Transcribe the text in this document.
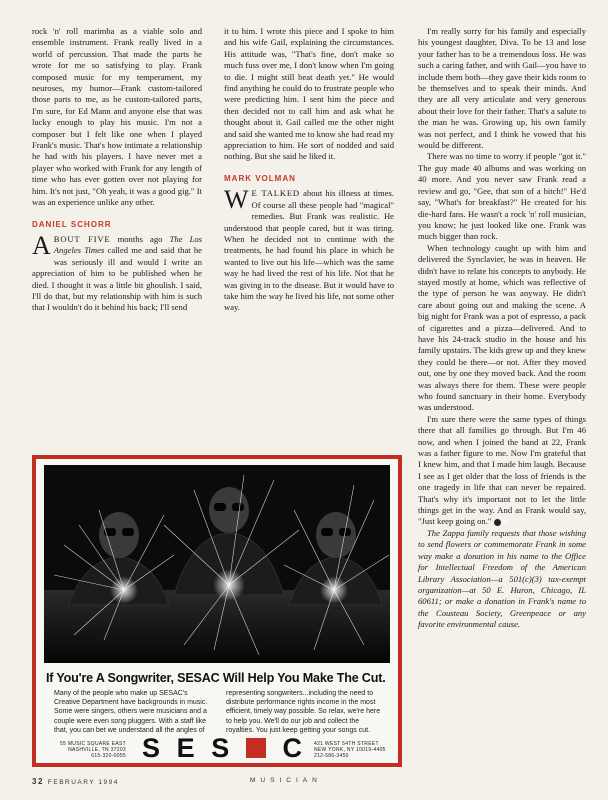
rock 'n' roll marimba as a viable solo and ensemble instrument. Frank really lived in a world of percussion. That made the parts he wrote for me so satisfying to play. Frank composed music for my temperament, my neuroses, my humor—Frank custom-tailored those parts to me, as he custom-tailored parts, I'm sure, for Ed Mann and anyone else that was lucky enough to play his music. I'm not a composer but I felt like one when I played Frank's music. That's how intimate a relationship he had with his players. I have never met a player who worked with Frank for any length of time who has ever gotten over not playing for him. It's not just, "Oh yeah, it was a good gig." It was an experience unlike any other.

DANIEL SCHORR

ABOUT FIVE months ago The Los Angeles Times called me and said that he was seriously ill and would I write an appreciation of him to be published when he died. I thought it was a little bit ghoulish. I said, I'll do that, but my relationship with him is such that I wouldn't do it behind his back; I'll send

it to him. I wrote this piece and I spoke to him and his wife Gail, explaining the circumstances. His attitude was, "That's fine, don't make so much fuss over me, I don't know when I'm going to die. I might still beat death yet." He would find anything he could do to frustrate people who were predicting him. I sent him the piece and then decided not to call him and ask what he thought about it. Gail called me the other night and said she wanted me to know she had read my appreciation to him. He sort of nodded and said nothing. But she said he liked it.

MARK VOLMAN

W E TALKED about his illness at times. Of course all these people had "magical" remedies. But Frank was realistic. He understood that people cared, but it was tiring. When he decided not to continue with the treatments, he had found his place in which he wanted to live out his life—which was the same way he had lived the rest of his life. Not that he was giving in to the disease. But it would have to take him the way he lived his life, not some other way.

I'm really sorry for his family and especially his youngest daughter, Diva. To be 13 and lose your father has to be a tremendous loss. He was such a caring father, and with Gail—you have to include them both—they gave their kids room to be themselves and to speak their minds. And they are all very articulate and very generous about their love for their father. That's a salute to the man he was. Growing up, his own family was not perfect, and I think he vowed that his would be different.

There was no time to worry if people "got it." The guy made 40 albums and was working on 40 more. And you never saw Frank read a review and go, "Gee, that son of a bitch!" He'd say, "What's for breakfast?" He created for his die-hard fans. He wasn't a rock 'n' roll musician, you know; he just looked like one. Frank was much bigger than rock.

When technology caught up with him and delivered the Synclavier, he was in heaven. He didn't have to relate his concepts to anybody. He stayed mostly at home, which was reflective of the type of person he was anyway. He didn't care about going out and making the scene. A big night for Frank was a pot of espresso, a pack of cigarettes and a pizza—delivered. And to have his 24-track studio in the house and his family upstairs. The kids grew up and they knew they could be there—or not. After they moved out, one by one they moved back. And the room was always there for them. These were people who found sanctuary in their home. Everybody was understood.

I'm sure there were the same types of things there that all families go through. But I'm 46 now, and when I joined the band at 22, Frank was a father figure to me. Now I'm grateful that I knew him, and that I made him laugh. Because I see as I get older that the loss of friends is the one tragedy in life that can never be repaired. That's why it's important not to let the little things get in the way. And as Frank would say, "Just keep going on." M

The Zappa family requests that those wishing to send flowers or commemorate Frank in some way make a donation in his name to the Office for Intellectual Freedom of the American Library Association—a 501(c)(3) tax-exempt organization—at 50 E. Huron, Chicago, IL 60611; or make a donation in Frank's name to the Cousteau Society, Greenpeace or any favorite environmental cause.

If You're A Songwriter, SESAC Will Help You Make The Cut.
Many of the people who make up SESAC's Creative Department have backgrounds in music. Some were singers, others were musicians and a couple were even song pluggers. With a staff like that, you can bet we understand all the angles of
representing songwriters...including the need to distribute performance rights income in the most efficient, timely way possible. So relax, we're here to help you. We'll do our job and collect the royalties. You just keep getting your songs cut.
55 MUSIC SQUARE EAST
NASHVILLE, TN 37203
615-320-0055 S E S C 421 WEST 54TH STREET
NEW YORK, NY 10019-4405
212-586-3450
32 FEBRUARY 1994	MUSICIAN
